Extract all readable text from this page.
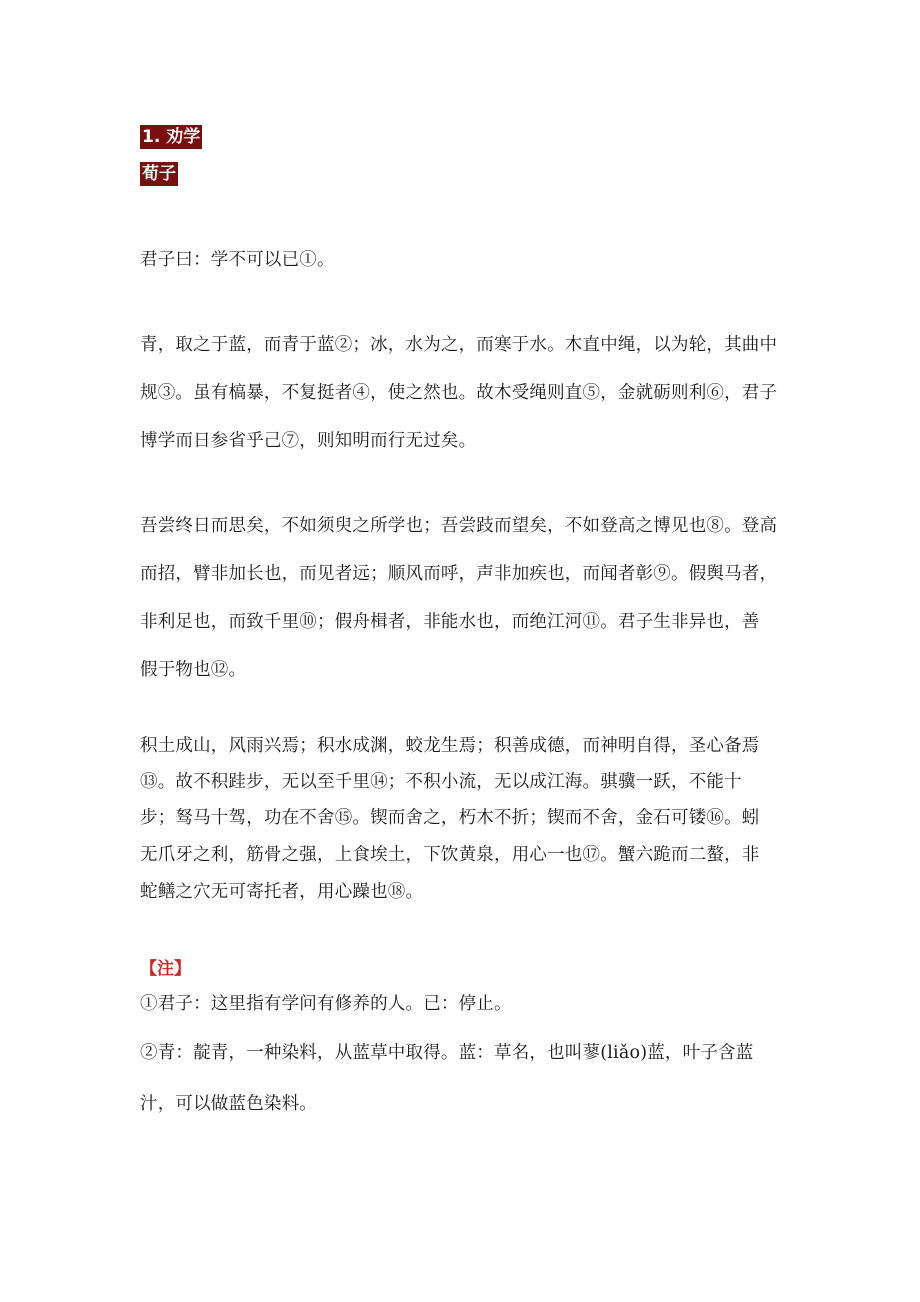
1. 劝学
荀子
君子曰：学不可以已①。
青，取之于蓝，而青于蓝②；冰，水为之，而寒于水。木直中绳，以为轮，其曲中
规③。虽有槁暴，不复挺者④，使之然也。故木受绳则直⑤，金就砺则利⑥，君子
博学而日参省乎己⑦，则知明而行无过矣。
吾尝终日而思矣，不如须臾之所学也；吾尝跂而望矣，不如登高之博见也⑧。登高
而招，臂非加长也，而见者远；顺风而呼，声非加疾也，而闻者彰⑨。假舆马者，
非利足也，而致千里⑩；假舟楫者，非能水也，而绝江河⑪。君子生非异也，善
假于物也⑫。
积土成山，风雨兴焉；积水成渊，蛟龙生焉；积善成德，而神明自得，圣心备焉
⑬。故不积跬步，无以至千里⑭；不积小流，无以成江海。骐骥一跃，不能十
步；驽马十驾，功在不舍⑮。锲而舍之，朽木不折；锲而不舍，金石可镂⑯。蚓
无爪牙之利，筋骨之强，上食埃土，下饮黄泉，用心一也⑰。蟹六跪而二螯，非
蛇鳝之穴无可寄托者，用心躁也⑱。
【注】
①君子：这里指有学问有修养的人。已：停止。
②青：靛青，一种染料，从蓝草中取得。蓝：草名，也叫蓼(liǎo)蓝，叶子含蓝
汁，可以做蓝色染料。
